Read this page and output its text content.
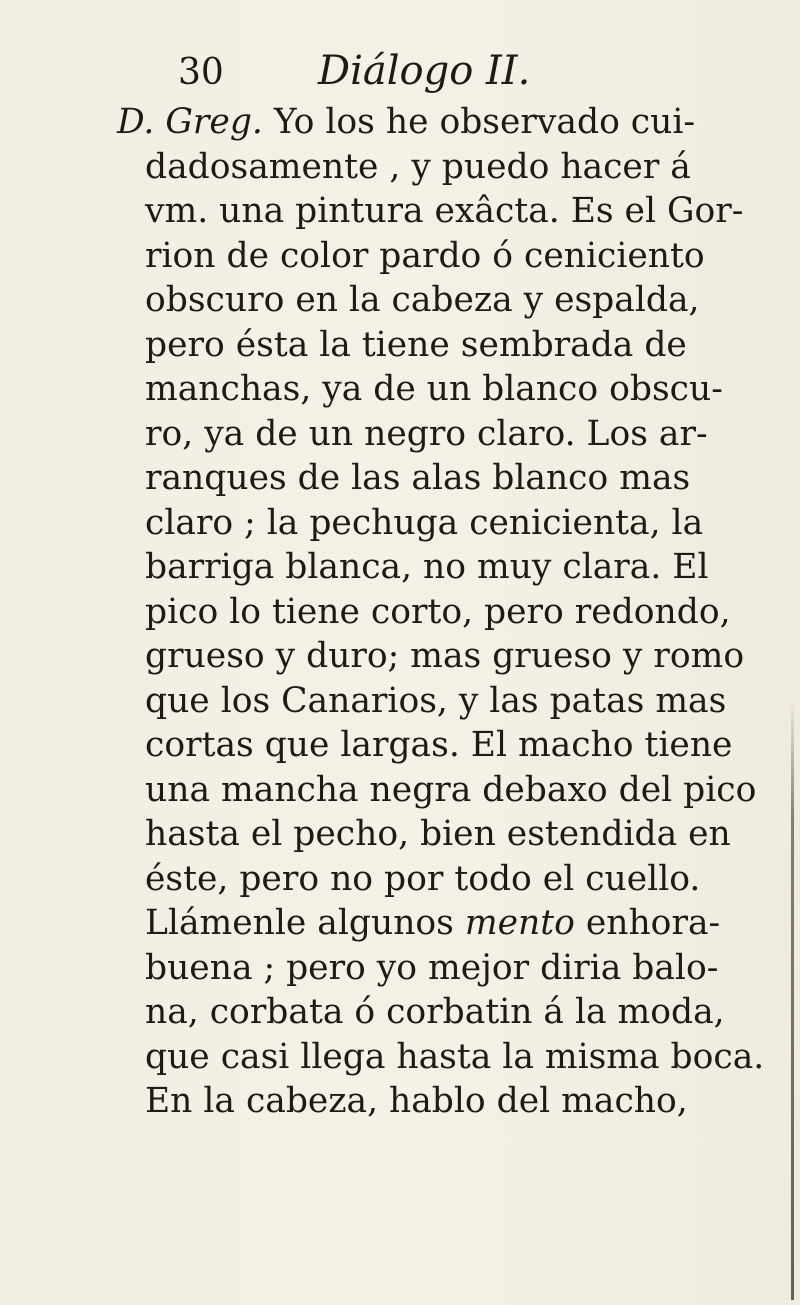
30 Diálogo II.
D. Greg. Yo los he observado cui-
dadosamente , y puedo hacer á
vm. una pintura exâcta. Es el Gor-
rion de color pardo ó ceniciento
obscuro en la cabeza y espalda,
pero ésta la tiene sembrada de
manchas, ya de un blanco obscu-
ro, ya de un negro claro. Los ar-
ranques de las alas blanco mas
claro ; la pechuga cenicienta, la
barriga blanca, no muy clara. El
pico lo tiene corto, pero redondo,
grueso y duro; mas grueso y romo
que los Canarios, y las patas mas
cortas que largas. El macho tiene
una mancha negra debaxo del pico
hasta el pecho, bien estendida en
éste, pero no por todo el cuello.
Llámenle algunos mento enhora-
buena ; pero yo mejor diria balo-
na, corbata ó corbatin á la moda,
que casi llega hasta la misma boca.
En la cabeza, hablo del macho,
